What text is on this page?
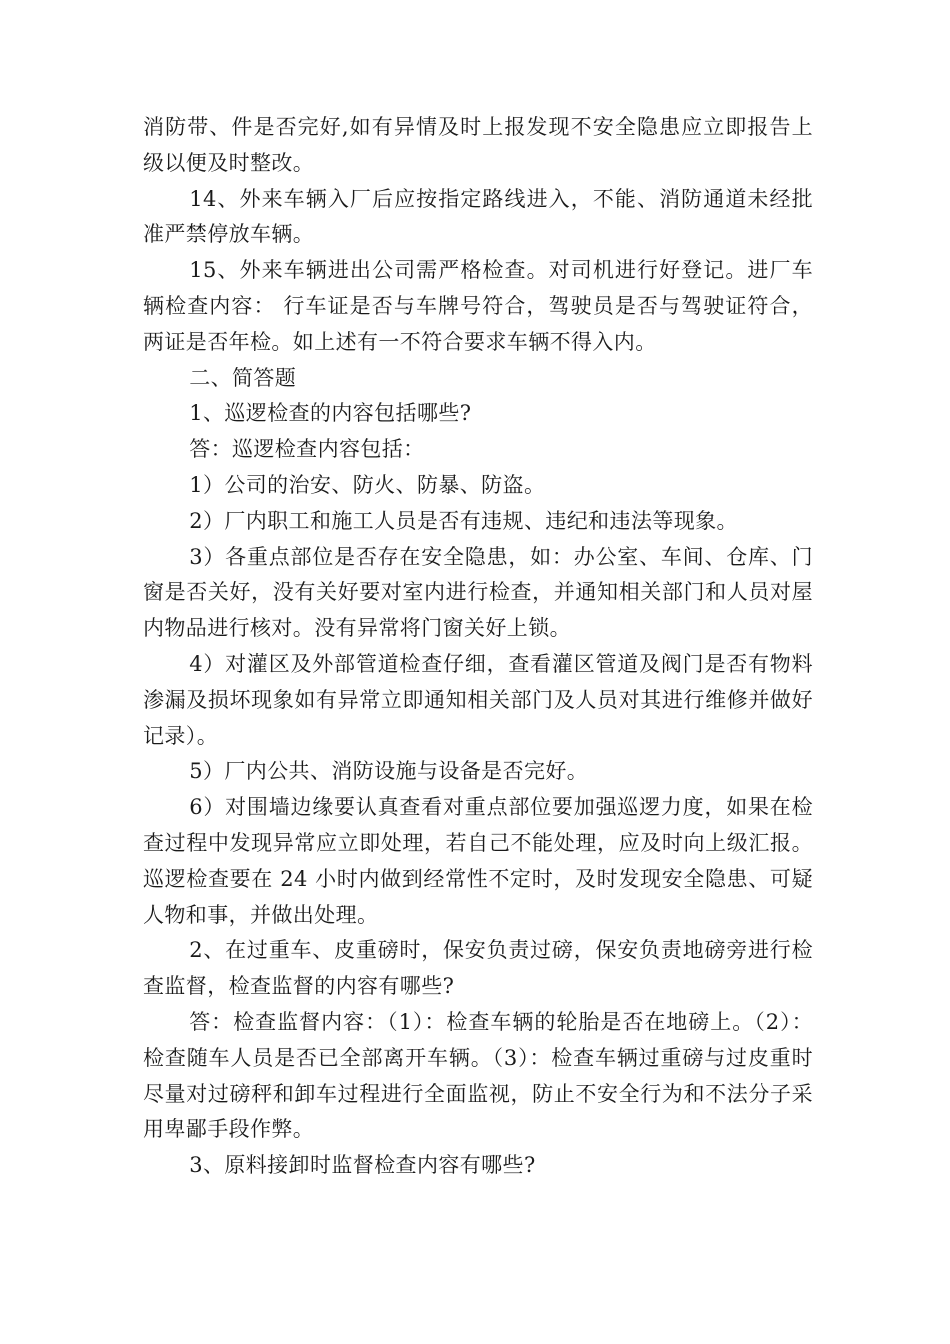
消防带、件是否完好,如有异情及时上报发现不安全隐患应立即报告上级以便及时整改。

14、外来车辆入厂后应按指定路线进入，不能、消防通道未经批准严禁停放车辆。

15、外来车辆进出公司需严格检查。对司机进行好登记。进厂车辆检查内容： 行车证是否与车牌号符合，驾驶员是否与驾驶证符合，两证是否年检。如上述有一不符合要求车辆不得入内。

二、简答题

1、巡逻检查的内容包括哪些?

答：巡逻检查内容包括：

1）公司的治安、防火、防暴、防盗。

2）厂内职工和施工人员是否有违规、违纪和违法等现象。

3）各重点部位是否存在安全隐患，如：办公室、车间、仓库、门窗是否关好，没有关好要对室内进行检查，并通知相关部门和人员对屋内物品进行核对。没有异常将门窗关好上锁。

4）对灌区及外部管道检查仔细，查看灌区管道及阀门是否有物料渗漏及损坏现象如有异常立即通知相关部门及人员对其进行维修并做好记录）。

5）厂内公共、消防设施与设备是否完好。

6）对围墙边缘要认真查看对重点部位要加强巡逻力度，如果在检查过程中发现异常应立即处理，若自己不能处理，应及时向上级汇报。巡逻检查要在 24 小时内做到经常性不定时，及时发现安全隐患、可疑人物和事，并做出处理。

2、在过重车、皮重磅时，保安负责过磅，保安负责地磅旁进行检查监督，检查监督的内容有哪些?

答：检查监督内容：（1）：检查车辆的轮胎是否在地磅上。（2）：检查随车人员是否已全部离开车辆。（3）：检查车辆过重磅与过皮重时尽量对过磅秤和卸车过程进行全面监视，防止不安全行为和不法分子采用卑鄙手段作弊。

3、原料接卸时监督检查内容有哪些?
